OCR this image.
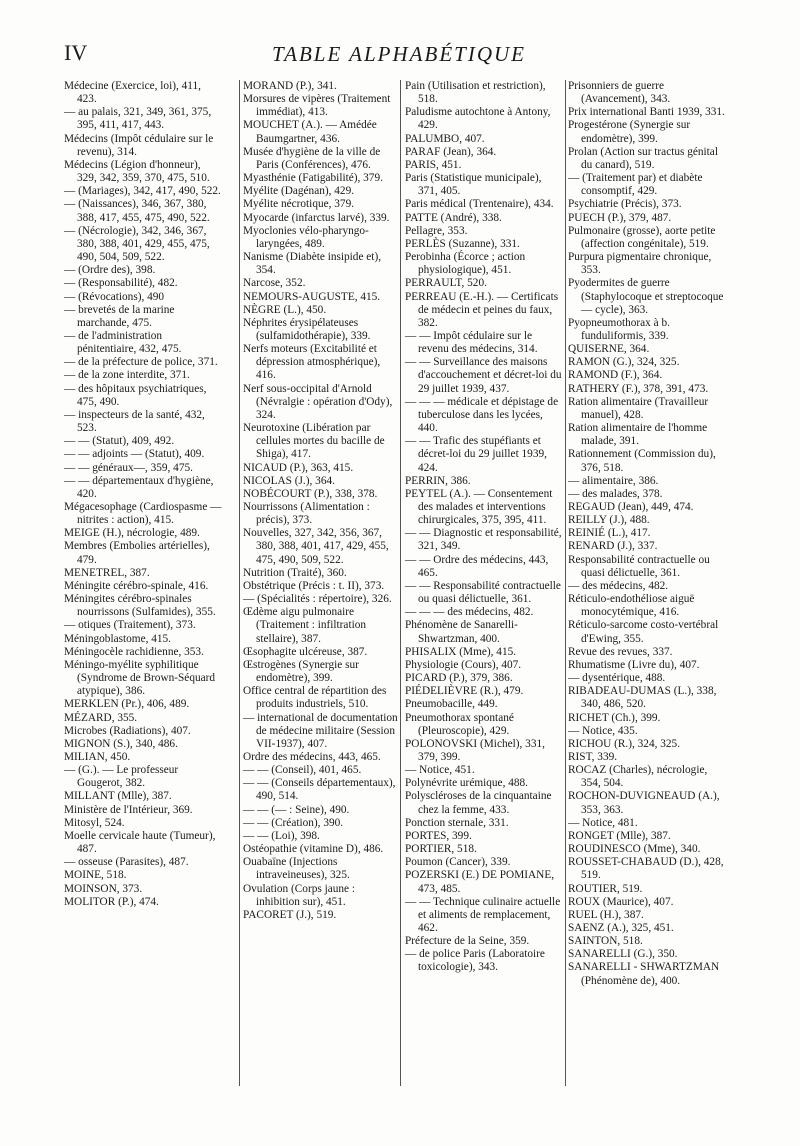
IV	TABLE ALPHABÉTIQUE
Médecine (Exercice, loi), 411, 423.
— au palais, 321, 349, 361, 375, 395, 411, 417, 443.
Médecins (Impôt cédulaire sur le revenu), 314.
Médecins (Légion d'honneur), 329, 342, 359, 370, 475, 510.
— (Mariages), 342, 417, 490, 522.
— (Naissances), 346, 367, 380, 388, 417, 455, 475, 490, 522.
— (Nécrologie), 342, 346, 367, 380, 388, 401, 429, 455, 475, 490, 504, 509, 522.
— (Ordre des), 398.
— (Responsabilité), 482.
— (Révocations), 490
— brevetés de la marine marchande, 475.
— de l'administration pénitentiaire, 432, 475.
— de la préfecture de police, 371.
— de la zone interdite, 371.
— des hôpitaux psychiatriques, 475, 490.
— inspecteurs de la santé, 432, 523.
— — (Statut), 409, 492.
— — adjoints — (Statut), 409.
— — généraux—, 359, 475.
— — départementaux d'hygiène, 420.
Mégacesophage (Cardiospasme — nitrites : action), 415.
MEIGE (H.), nécrologie, 489.
Membres (Embolies artérielles), 479.
MENETREL, 387.
Méningite cérébro-spinale, 416.
Méningites cérébro-spinales nourrissons (Sulfamides), 355.
— otiques (Traitement), 373.
Méningoblastome, 415.
Méningocèle rachidienne, 353.
Méningo-myélite syphilitique (Syndrome de Brown-Séquard atypique), 386.
MERKLEN (Pr.), 406, 489.
MÉZARD, 355.
Microbes (Radiations), 407.
MIGNON (S.), 340, 486.
MILIAN, 450.
— (G.). — Le professeur Gougerot, 382.
MILLANT (Mlle), 387.
Ministère de l'Intérieur, 369.
Mitosyl, 524.
Moelle cervicale haute (Tumeur), 487.
— osseuse (Parasites), 487.
MOINE, 518.
MOINSON, 373.
MOLITOR (P.), 474.
MORAND (P.), 341.
Morsures de vipères (Traitement immédiat), 413.
MOUCHET (A.). — Amédée Baumgartner, 436.
Musée d'hygiène de la ville de Paris (Conférences), 476.
Myasthénie (Fatigabilité), 379.
Myélite (Dagénan), 429.
Myélite nécrotique, 379.
Myocarde (infarctus larvé), 339.
Myoclonies vélo-pharyngo-laryngées, 489.
Nanisme (Diabète insipide et), 354.
Narcose, 352.
NEMOURS-AUGUSTE, 415.
NÈGRE (L.), 450.
Néphrites érysipélateuses (sulfamidothérapie), 339.
Nerfs moteurs (Excitabilité et dépression atmosphérique), 416.
Nerf sous-occipital d'Arnold (Névralgie : opération d'Ody), 324.
Neurotoxine (Libération par cellules mortes du bacille de Shiga), 417.
NICAUD (P.), 363, 415.
NICOLAS (J.), 364.
NOBÉCOURT (P.), 338, 378.
Nourrissons (Alimentation : précis), 373.
Nouvelles, 327, 342, 356, 367, 380, 388, 401, 417, 429, 455, 475, 490, 509, 522.
Nutrition (Traité), 360.
Obstétrique (Précis : t. II), 373.
— (Spécialités : répertoire), 326.
Œdème aigu pulmonaire (Traitement : infiltration stellaire), 387.
Œsophagite ulcéreuse, 387.
Œstrogènes (Synergie sur endomètre), 399.
Office central de répartition des produits industriels, 510.
— international de documentation de médecine militaire (Session VII-1937), 407.
Ordre des médecins, 443, 465.
— — (Conseil), 401, 465.
— — (Conseils départementaux), 490, 514.
— — (— : Seine), 490.
— — (Création), 390.
— — (Loi), 398.
Ostéopathie (vitamine D), 486.
Ouabaïne (Injections intraveineuses), 325.
Ovulation (Corps jaune : inhibition sur), 451.
PACORET (J.), 519.
Pain (Utilisation et restriction), 518.
Paludisme autochtone à Antony, 429.
PALUMBO, 407.
PARAF (Jean), 364.
PARIS, 451.
Paris (Statistique municipale), 371, 405.
Paris médical (Trentenaire), 434.
PATTE (André), 338.
Pellagre, 353.
PERLÈS (Suzanne), 331.
Perobinha (Écorce ; action physiologique), 451.
PERRAULT, 520.
PERREAU (E.-H.). — Certificats de médecin et peines du faux, 382.
— — Impôt cédulaire sur le revenu des médecins, 314.
— — Surveillance des maisons d'accouchement et décret-loi du 29 juillet 1939, 437.
— — — médicale et dépistage de tuberculose dans les lycées, 440.
— — Trafic des stupéfiants et décret-loi du 29 juillet 1939, 424.
PERRIN, 386.
PEYTEL (A.). — Consentement des malades et interventions chirurgicales, 375, 395, 411.
— — Diagnostic et responsabilité, 321, 349.
— — Ordre des médecins, 443, 465.
— — Responsabilité contractuelle ou quasi délictuelle, 361.
— — — des médecins, 482.
Phénomène de Sanarelli-Shwartzman, 400.
PHISALIX (Mme), 415.
Physiologie (Cours), 407.
PICARD (P.), 379, 386.
PIÉDELIÈVRE (R.), 479.
Pneumobacille, 449.
Pneumothorax spontané (Pleuroscopie), 429.
POLONOVSKI (Michel), 331, 379, 399.
— Notice, 451.
Polynévrite urémique, 488.
Polyscléroses de la cinquantaine chez la femme, 433.
Ponction sternale, 331.
PORTES, 399.
PORTIER, 518.
Poumon (Cancer), 339.
POZERSKI (E.) DE POMIANE, 473, 485.
— — Technique culinaire actuelle et aliments de remplacement, 462.
Préfecture de la Seine, 359.
— de police Paris (Laboratoire toxicologie), 343.
Prisonniers de guerre (Avancement), 343.
Prix international Banti 1939, 331.
Progestérone (Synergie sur endomètre), 399.
Prolan (Action sur tractus génital du canard), 519.
— (Traitement par) et diabète consomptif, 429.
Psychiatrie (Précis), 373.
PUECH (P.), 379, 487.
Pulmonaire (grosse), aorte petite (affection congénitale), 519.
Purpura pigmentaire chronique, 353.
Pyodermites de guerre (Staphylocoque et streptocoque — cycle), 363.
Pyopneumothorax à b. funduliformis, 339.
QUISERNE, 364.
RAMON (G.), 324, 325.
RAMOND (F.), 364.
RATHERY (F.), 378, 391, 473.
Ration alimentaire (Travailleur manuel), 428.
Ration alimentaire de l'homme malade, 391.
Rationnement (Commission du), 376, 518.
— alimentaire, 386.
— des malades, 378.
REGAUD (Jean), 449, 474.
REILLY (J.), 488.
REINIÉ (L.), 417.
RENARD (J.), 337.
Responsabilité contractuelle ou quasi délictuelle, 361.
— des médecins, 482.
Réticulo-endothéliose aiguë monocytémique, 416.
Réticulo-sarcome costo-vertébral d'Ewing, 355.
Revue des revues, 337.
Rhumatisme (Livre du), 407.
— dysentérique, 488.
RIBADEAU-DUMAS (L.), 338, 340, 486, 520.
RICHET (Ch.), 399.
— Notice, 435.
RICHOU (R.), 324, 325.
RIST, 339.
ROCAZ (Charles), nécrologie, 354, 504.
ROCHON-DUVIGNEAUD (A.), 353, 363.
— Notice, 481.
RONGET (Mlle), 387.
ROUDINESCO (Mme), 340.
ROUSSET-CHABAUD (D.), 428, 519.
ROUTIER, 519.
ROUX (Maurice), 407.
RUEL (H.), 387.
SAENZ (A.), 325, 451.
SAINTON, 518.
SANARELLI (G.), 350.
SANARELLI - SHWARTZMAN (Phénomène de), 400.
